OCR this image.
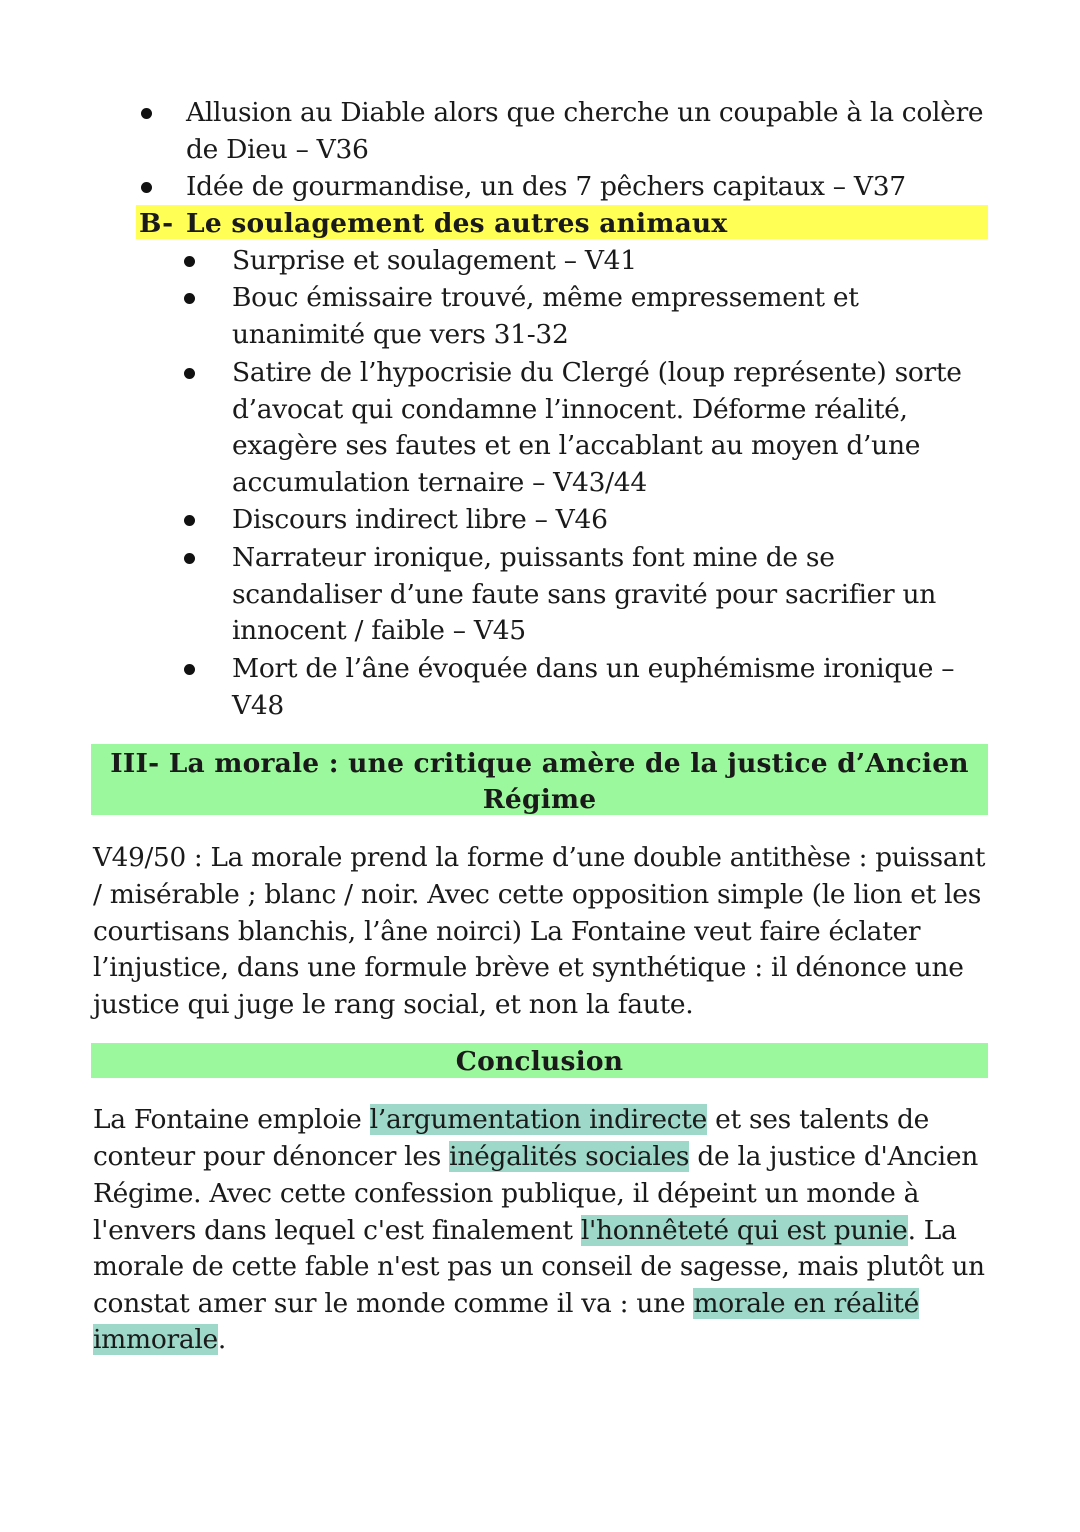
Allusion au Diable alors que cherche un coupable à la colère

de Dieu – V36

Idée de gourmandise, un des 7 pêchers capitaux – V37

B- Le soulagement des autres animaux

Surprise et soulagement – V41

Bouc émissaire trouvé, même empressement et

unanimité que vers 31-32

Satire de l’hypocrisie du Clergé (loup représente) sorte

d’avocat qui condamne l’innocent. Déforme réalité,

exagère ses fautes et en l’accablant au moyen d’une

accumulation ternaire – V43/44

Discours indirect libre – V46

Narrateur ironique, puissants font mine de se

scandaliser d’une faute sans gravité pour sacrifier un

innocent / faible – V45

Mort de l’âne évoquée dans un euphémisme ironique –

V48

III- La morale : une critique amère de la justice d’Ancien

Régime

V49/50 : La morale prend la forme d’une double antithèse : puissant

/ misérable ; blanc / noir. Avec cette opposition simple (le lion et les

courtisans blanchis, l’âne noirci) La Fontaine veut faire éclater

l’injustice, dans une formule brève et synthétique : il dénonce une

justice qui juge le rang social, et non la faute.

Conclusion

La Fontaine emploie l’argumentation indirecte et ses talents de

conteur pour dénoncer les inégalités sociales de la justice d'Ancien

Régime. Avec cette confession publique, il dépeint un monde à

l'envers dans lequel c'est finalement l'honnêteté qui est punie. La

morale de cette fable n'est pas un conseil de sagesse, mais plutôt un

constat amer sur le monde comme il va : une morale en réalité

immorale.
